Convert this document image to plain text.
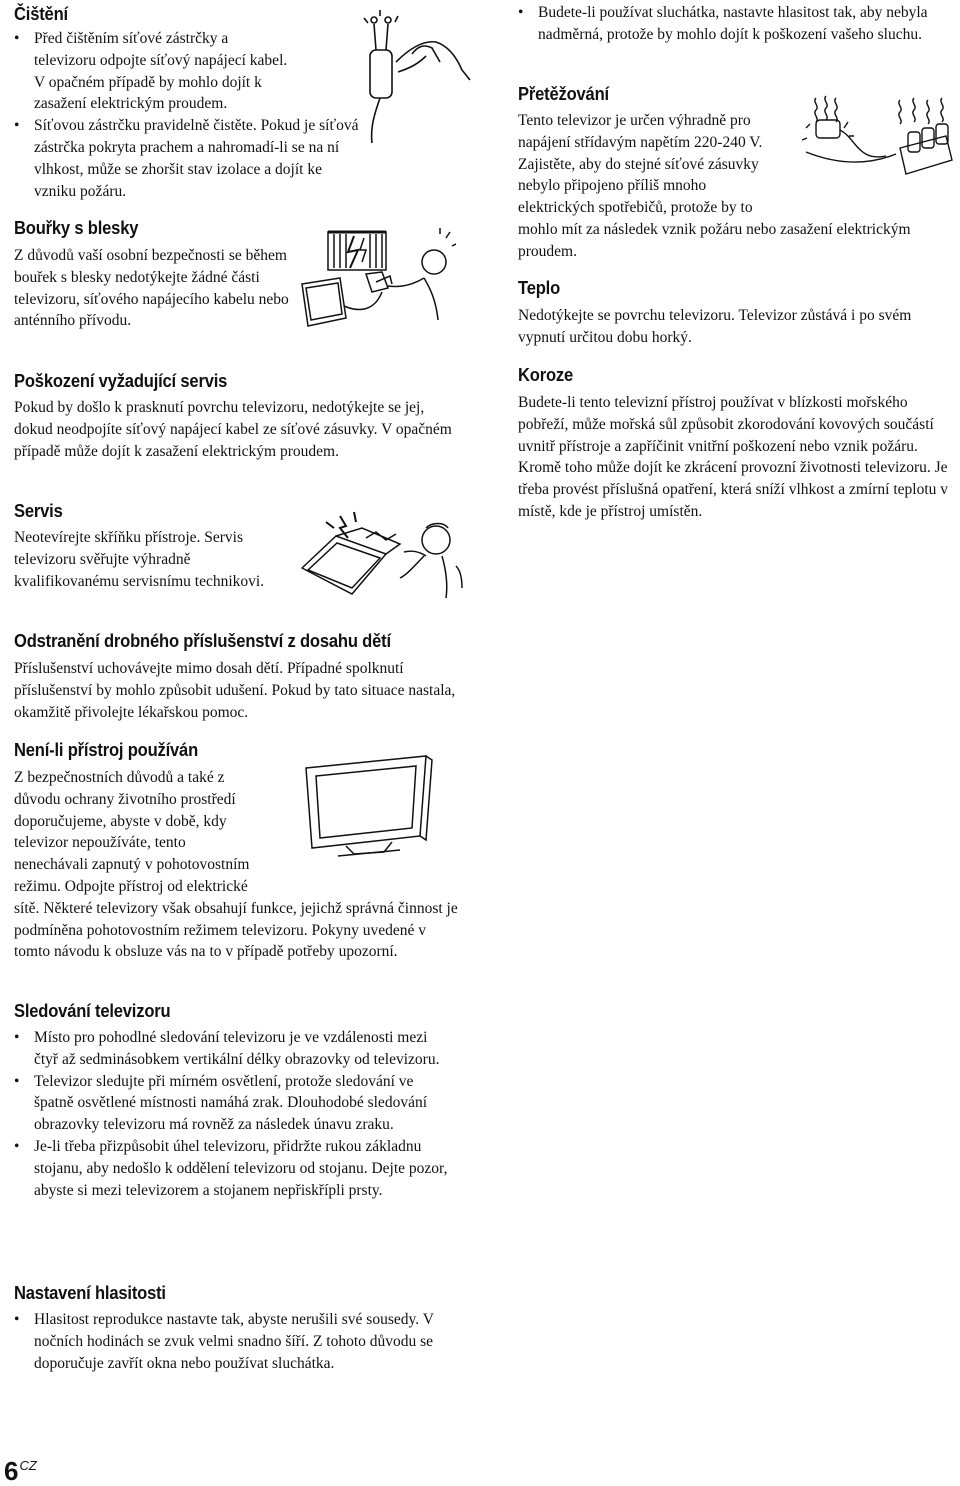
Čištění
• Před čištěním síťové zástrčky a televizoru odpojte síťový napájecí kabel. V opačném případě by mohlo dojít k zasažení elektrickým proudem.
• Síťovou zástrčku pravidelně čistěte. Pokud je síťová zástrčka pokryta prachem a nahromadí-li se na ní vlhkost, může se zhoršit stav izolace a dojít ke vzniku požáru.
Bouřky s blesky

Z důvodů vaší osobní bezpečnosti se během bouřek s blesky nedotýkejte žádné části televizoru, síťového napájecího kabelu nebo anténního přívodu.

Poškození vyžadující servis

Pokud by došlo k prasknutí povrchu televizoru, nedotýkejte se jej, dokud neodpojíte síťový napájecí kabel ze síťové zásuvky. V opačném případě může dojít k zasažení elektrickým proudem.

Servis

Neotevírejte skříňku přístroje. Servis televizoru svěřujte výhradně kvalifikovanému servisnímu technikovi.

Odstranění drobného příslušenství z dosahu dětí

Příslušenství uchovávejte mimo dosah dětí. Případné spolknutí příslušenství by mohlo způsobit udušení. Pokud by tato situace nastala, okamžitě přivolejte lékařskou pomoc.

Není-li přístroj používán

Z bezpečnostních důvodů a také z důvodu ochrany životního prostředí doporučujeme, abyste v době, kdy televizor nepoužíváte, tento nenechávali zapnutý v pohotovostním režimu. Odpojte přístroj od elektrické sítě. Některé televizory však obsahují funkce, jejichž správná činnost je podmíněna pohotovostním režimem televizoru. Pokyny uvedené v tomto návodu k obsluze vás na to v případě potřeby upozorní.

Sledování televizoru
• Místo pro pohodlné sledování televizoru je ve vzdálenosti mezi čtyř až sedminásobkem vertikální délky obrazovky od televizoru.
• Televizor sledujte při mírném osvětlení, protože sledování ve špatně osvětlené místnosti namáhá zrak. Dlouhodobé sledování obrazovky televizoru má rovněž za následek únavu zraku.
• Je-li třeba přizpůsobit úhel televizoru, přidržte rukou základnu stojanu, aby nedošlo k oddělení televizoru od stojanu. Dejte pozor, abyste si mezi televizorem a stojanem nepřiskřípli prsty.
Nastavení hlasitosti
• Hlasitost reprodukce nastavte tak, abyste nerušili své sousedy. V nočních hodinách se zvuk velmi snadno šíří. Z tohoto důvodu se doporučuje zavřít okna nebo používat sluchátka.
• Budete-li používat sluchátka, nastavte hlasitost tak, aby nebyla nadměrná, protože by mohlo dojít k poškození vašeho sluchu.
Přetěžování

Tento televizor je určen výhradně pro napájení střídavým napětím 220-240 V. Zajistěte, aby do stejné síťové zásuvky nebylo připojeno příliš mnoho elektrických spotřebičů, protože by to mohlo mít za následek vznik požáru nebo zasažení elektrickým proudem.

Teplo

Nedotýkejte se povrchu televizoru. Televizor zůstává i po svém vypnutí určitou dobu horký.

Koroze

Budete-li tento televizní přístroj používat v blízkosti mořského pobřeží, může mořská sůl způsobit zkorodování kovových součástí uvnitř přístroje a zapříčinit vnitřní poškození nebo vznik požáru. Kromě toho může dojít ke zkrácení provozní životnosti televizoru. Je třeba provést příslušná opatření, která sníží vlhkost a zmírní teplotu v místě, kde je přístroj umístěn.

$6^{CZ}$
